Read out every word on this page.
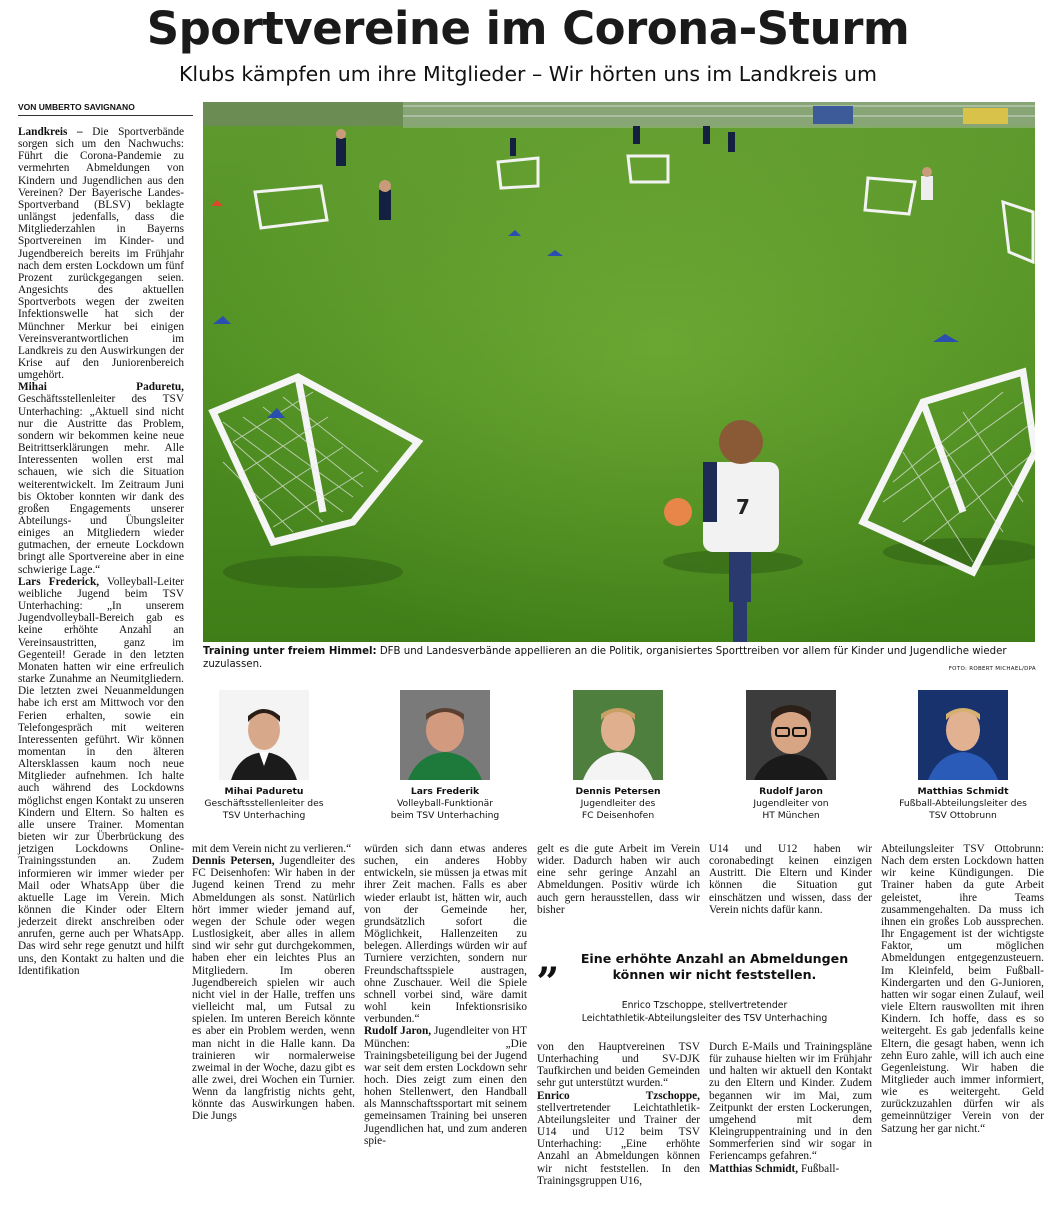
Sportvereine im Corona-Sturm
Klubs kämpfen um ihre Mitglieder – Wir hörten uns im Landkreis um
VON UMBERTO SAVIGNANO

Landkreis – Die Sportverbände sorgen sich um den Nachwuchs: Führt die Corona-Pandemie zu vermehrten Abmeldungen von Kindern und Jugendlichen aus den Vereinen? Der Bayerische Landes-Sportverband (BLSV) beklagte unlängst jedenfalls, dass die Mitgliederzahlen in Bayerns Sportvereinen im Kinder- und Jugendbereich bereits im Frühjahr nach dem ersten Lockdown um fünf Prozent zurückgegangen seien. Angesichts des aktuellen Sportverbots wegen der zweiten Infektionswelle hat sich der Münchner Merkur bei einigen Vereinsverantwortlichen im Landkreis zu den Auswirkungen der Krise auf den Juniorenbereich umgehört.

Mihai Paduretu, Geschäftsstellenleiter des TSV Unterhaching: „Aktuell sind nicht nur die Austritte das Problem, sondern wir bekommen keine neue Beitrittserklärungen mehr. Alle Interessenten wollen erst mal schauen, wie sich die Situation weiterentwickelt. Im Zeitraum Juni bis Oktober konnten wir dank des großen Engagements unserer Abteilungs- und Übungsleiter einiges an Mitgliedern wieder gutmachen, der erneute Lockdown bringt alle Sportvereine aber in eine schwierige Lage.“

Lars Frederick, Volleyball-Leiter weibliche Jugend beim TSV Unterhaching: „In unserem Jugendvolleyball-Bereich gab es keine erhöhte Anzahl an Vereinsaustritten, ganz im Gegenteil! Gerade in den letzten Monaten hatten wir eine erfreulich starke Zunahme an Neumitgliedern. Die letzten zwei Neuanmeldungen habe ich erst am Mittwoch vor den Ferien erhalten, sowie ein Telefongespräch mit weiteren Interessenten geführt. Wir können momentan in den älteren Altersklassen kaum noch neue Mitglieder aufnehmen. Ich halte auch während des Lockdowns möglichst engen Kontakt zu unseren Kindern und Eltern. So halten es alle unsere Trainer. Momentan bieten wir zur Überbrückung des jetzigen Lockdowns Online-Trainingsstunden an. Zudem informieren wir immer wieder per Mail oder WhatsApp über die aktuelle Lage im Verein. Mich können die Kinder oder Eltern jederzeit direkt anschreiben oder anrufen, gerne auch per WhatsApp. Das wird sehr rege genutzt und hilft uns, den Kontakt zu halten und die Identifikation

7
Training unter freiem Himmel: DFB und Landesverbände appellieren an die Politik, organisiertes Sporttreiben vor allem für Kinder und Jugendliche wieder zuzulassen.	FOTO: ROBERT MICHAEL/DPA
Mihai Paduretu
Geschäftsstellenleiter des
TSV Unterhaching
Lars Frederik
Volleyball-Funktionär
beim TSV Unterhaching
Dennis Petersen
Jugendleiter des
FC Deisenhofen
Rudolf Jaron
Jugendleiter von
HT München
Matthias Schmidt
Fußball-Abteilungsleiter des
TSV Ottobrunn

mit dem Verein nicht zu verlieren.“

Dennis Petersen, Jugendleiter des FC Deisenhofen: Wir haben in der Jugend keinen Trend zu mehr Abmeldungen als sonst. Natürlich hört immer wieder jemand auf, wegen der Schule oder wegen Lustlosigkeit, aber alles in allem sind wir sehr gut durchgekommen, haben eher ein leichtes Plus an Mitgliedern. Im oberen Jugendbereich spielen wir auch nicht viel in der Halle, treffen uns vielleicht mal, um Futsal zu spielen. Im unteren Bereich könnte es aber ein Problem werden, wenn man nicht in die Halle kann. Da trainieren wir normalerweise zweimal in der Woche, dazu gibt es alle zwei, drei Wochen ein Turnier. Wenn da langfristig nichts geht, könnte das Auswirkungen haben. Die Jungs

würden sich dann etwas anderes suchen, ein anderes Hobby entwickeln, sie müssen ja etwas mit ihrer Zeit machen. Falls es aber wieder erlaubt ist, hätten wir, auch von der Gemeinde her, grundsätzlich sofort die Möglichkeit, Hallenzeiten zu belegen. Allerdings würden wir auf Turniere verzichten, sondern nur Freundschaftsspiele austragen, ohne Zuschauer. Weil die Spiele schnell vorbei sind, wäre damit wohl kein Infektionsrisiko verbunden.“

Rudolf Jaron, Jugendleiter von HT München: „Die Trainingsbeteiligung bei der Jugend war seit dem ersten Lockdown sehr hoch. Dies zeigt zum einen den hohen Stellenwert, den Handball als Mannschaftssportart mit seinem gemeinsamen Training bei unseren Jugendlichen hat, und zum anderen spie-

gelt es die gute Arbeit im Verein wider. Dadurch haben wir auch eine sehr geringe Anzahl an Abmeldungen. Positiv würde ich auch gern herausstellen, dass wir bisher

U14 und U12 haben wir coronabedingt keinen einzigen Austritt. Die Eltern und Kinder können die Situation gut einschätzen und wissen, dass der Verein nichts dafür kann.

„	Eine erhöhte Anzahl an Abmeldungen
können wir nicht feststellen.
Enrico Tzschoppe, stellvertretender
Leichtathletik-Abteilungsleiter des TSV Unterhaching

von den Hauptvereinen TSV Unterhaching und SV-DJK Taufkirchen und beiden Gemeinden sehr gut unterstützt wurden.“

Enrico Tzschoppe, stellvertretender Leichtathletik-Abteilungsleiter und Trainer der U14 und U12 beim TSV Unterhaching: „Eine erhöhte Anzahl an Abmeldungen können wir nicht feststellen. In den Trainingsgruppen U16,

Durch E-Mails und Trainingspläne für zuhause hielten wir im Frühjahr und halten wir aktuell den Kontakt zu den Eltern und Kinder. Zudem begannen wir im Mai, zum Zeitpunkt der ersten Lockerungen, umgehend mit dem Kleingruppentraining und in den Sommerferien sind wir sogar in Feriencamps gefahren.“

Matthias Schmidt, Fußball-

Abteilungsleiter TSV Ottobrunn: Nach dem ersten Lockdown hatten wir keine Kündigungen. Die Trainer haben da gute Arbeit geleistet, ihre Teams zusammengehalten. Da muss ich ihnen ein großes Lob aussprechen. Ihr Engagement ist der wichtigste Faktor, um möglichen Abmeldungen entgegenzusteuern. Im Kleinfeld, beim Fußball-Kindergarten und den G-Junioren, hatten wir sogar einen Zulauf, weil viele Eltern rauswollten mit ihren Kindern. Ich hoffe, dass es so weitergeht. Es gab jedenfalls keine Eltern, die gesagt haben, wenn ich zehn Euro zahle, will ich auch eine Gegenleistung. Wir haben die Mitglieder auch immer informiert, wie es weitergeht. Geld zurückzuzahlen dürfen wir als gemeinnütziger Verein von der Satzung her gar nicht.“
